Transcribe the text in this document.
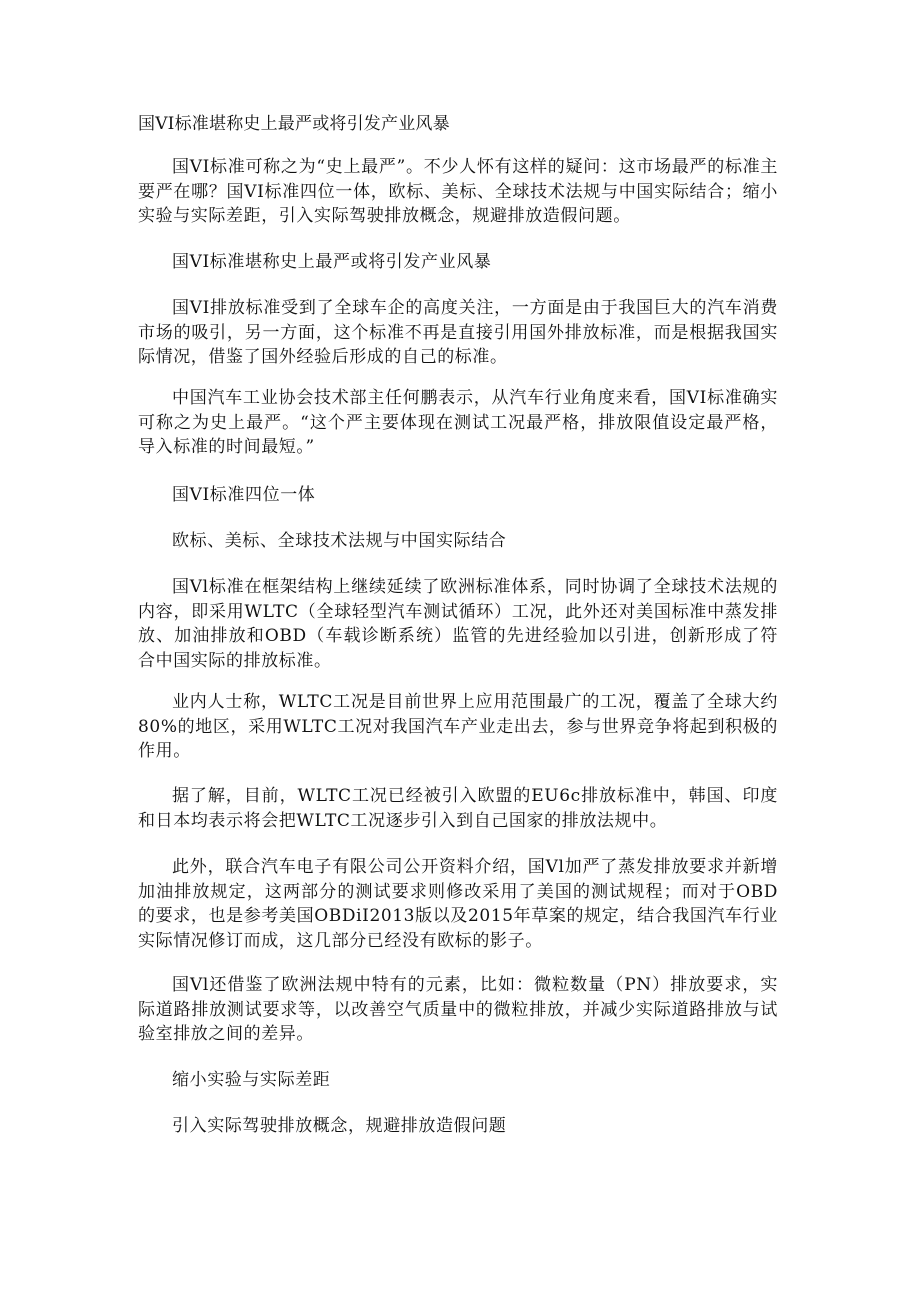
国VI标准堪称史上最严或将引发产业风暴
国VI标准可称之为“史上最严”。不少人怀有这样的疑问：这市场最严的标准主要严在哪？国VI标准四位一体，欧标、美标、全球技术法规与中国实际结合；缩小实验与实际差距，引入实际驾驶排放概念，规避排放造假问题。
国VI标准堪称史上最严或将引发产业风暴
国VI排放标准受到了全球车企的高度关注，一方面是由于我国巨大的汽车消费市场的吸引，另一方面，这个标准不再是直接引用国外排放标准，而是根据我国实际情况，借鉴了国外经验后形成的自己的标准。
中国汽车工业协会技术部主任何鹏表示，从汽车行业角度来看，国VI标准确实可称之为史上最严。“这个严主要体现在测试工况最严格，排放限值设定最严格，导入标准的时间最短。”
国VI标准四位一体
欧标、美标、全球技术法规与中国实际结合
国Vl标准在框架结构上继续延续了欧洲标准体系，同时协调了全球技术法规的内容，即采用WLTC（全球轻型汽车测试循环）工况，此外还对美国标准中蒸发排放、加油排放和OBD（车载诊断系统）监管的先进经验加以引进，创新形成了符合中国实际的排放标准。
业内人士称，WLTC工况是目前世界上应用范围最广的工况，覆盖了全球大约80%的地区，采用WLTC工况对我国汽车产业走出去，参与世界竞争将起到积极的作用。
据了解，目前，WLTC工况已经被引入欧盟的EU6c排放标准中，韩国、印度和日本均表示将会把WLTC工况逐步引入到自己国家的排放法规中。
此外，联合汽车电子有限公司公开资料介绍，国Vl加严了蒸发排放要求并新增加油排放规定，这两部分的测试要求则修改采用了美国的测试规程；而对于OBD的要求，也是参考美国OBDiI2013版以及2015年草案的规定，结合我国汽车行业实际情况修订而成，这几部分已经没有欧标的影子。
国Vl还借鉴了欧洲法规中特有的元素，比如：微粒数量（PN）排放要求，实际道路排放测试要求等，以改善空气质量中的微粒排放，并减少实际道路排放与试验室排放之间的差异。
缩小实验与实际差距
引入实际驾驶排放概念，规避排放造假问题
